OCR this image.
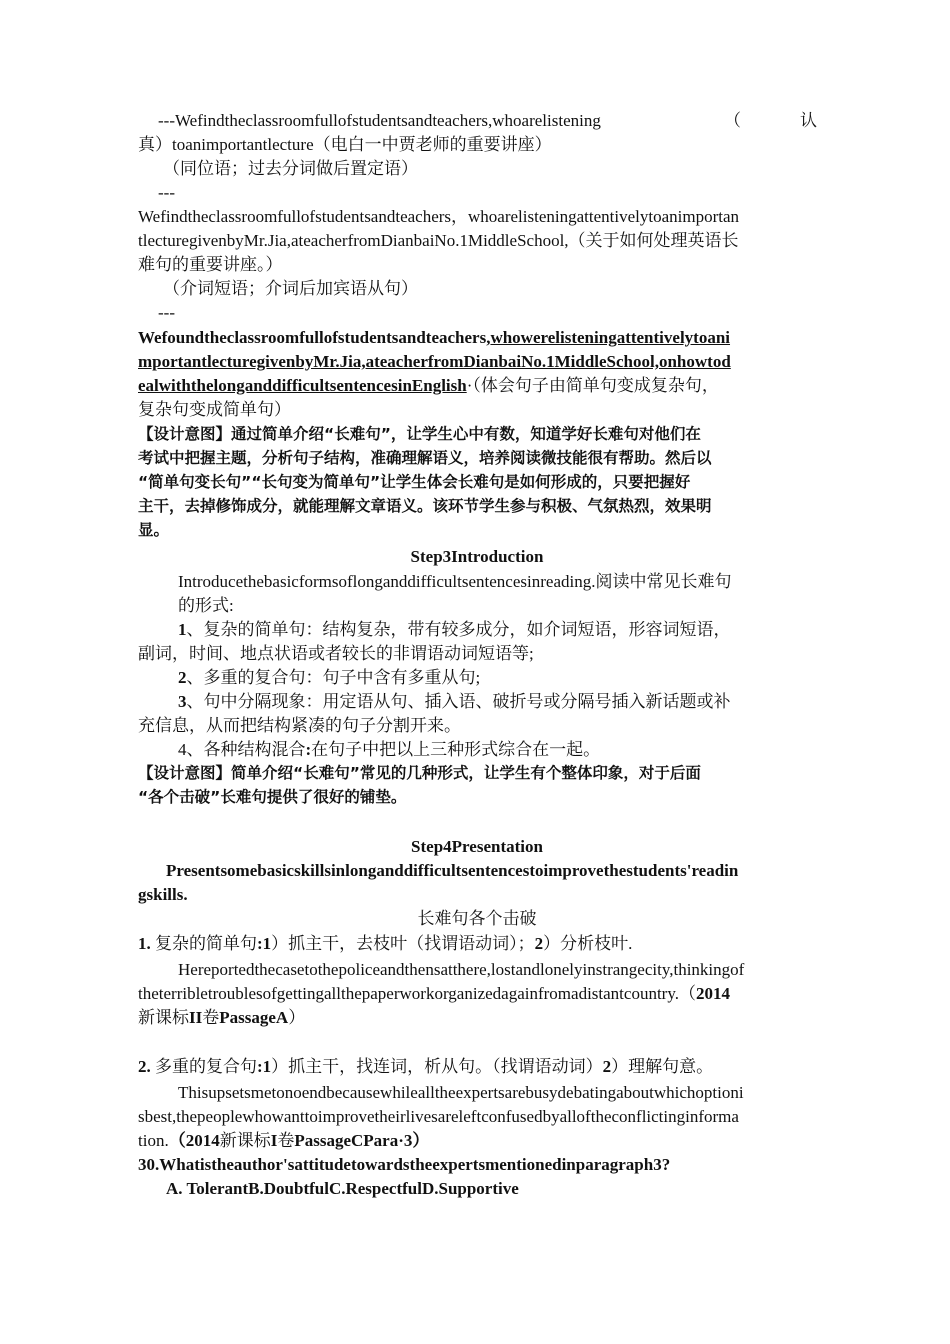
---Wefindtheclassroomfullofstudentsandteachers,whoarelistening	（	认
真）toanimportantlecture（电白一中贾老师的重要讲座）
（同位语；过去分词做后置定语）
---
Wefindtheclassroomfullofstudentsandteachers，whoarelisteningattentivelytoanimportan
tlecturegivenbyMr.Jia,ateacherfromDianbaiNo.1MiddleSchool,（关于如何处理英语长
难句的重要讲座。）
（介词短语；介词后加宾语从句）
---
Wefoundtheclassroomfullofstudentsandteachers,whowerelisteningattentivelytoani
mportantlecturegivenbyMr.Jia,ateacherfromDianbaiNo.1MiddleSchool,onhowtod
ealwiththelonganddifficultsentencesinEnglish·（体会句子由简单句变成复杂句，
复杂句变成简单句）
【设计意图】通过简单介绍“长难句”，让学生心中有数，知道学好长难句对他们在
考试中把握主题，分析句子结构，准确理解语义，培养阅读微技能很有帮助。然后以
“简单句变长句”“长句变为简单句”让学生体会长难句是如何形成的，只要把握好
主干，去掉修饰成分，就能理解文章语义。该环节学生参与积极、气氛热烈，效果明
显。
Step3Introduction
Introducethebasicformsoflonganddifficultsentencesinreading.阅读中常见长难句
的形式:
1、复杂的简单句：结构复杂，带有较多成分，如介词短语，形容词短语，
副词，时间、地点状语或者较长的非谓语动词短语等;
2、多重的复合句：句子中含有多重从句;
3、句中分隔现象：用定语从句、插入语、破折号或分隔号插入新话题或补
充信息，从而把结构紧凑的句子分割开来。
4、各种结构混合:在句子中把以上三种形式综合在一起。
【设计意图】简单介绍“长难句”常见的几种形式，让学生有个整体印象，对于后面
“各个击破”长难句提供了很好的铺垫。
Step4Presentation
Presentsomebasicskillsinlonganddifficultsentencestoimprovethestudents'readin
gskills.
长难句各个击破
1. 复杂的简单句:1）抓主干，去枝叶（找谓语动词）；2）分析枝叶.
Hereportedthecasetothepoliceandthensatthere,lostandlonelyinstrangecity,thinkingof
theterribletroublesofgettingallthepaperworkorganizedagainfromadistantcountry.（2014
新课标II卷PassageA）
2. 多重的复合句:1）抓主干，找连词，析从句。（找谓语动词）2）理解句意。
Thisupsetsmetonoendbecausewhilealltheexpertsarebusydebatingaboutwhichoptioni
sbest,thepeoplewhowanttoimprovetheirlivesareleftconfusedbyalloftheconflictinginforma
tion.（2014新课标I卷PassageCPara·3）
30.Whatistheauthor'sattitudetowardstheexpertsmentionedinparagraph3?
A. TolerantB.DoubtfulC.RespectfulD.Supportive
